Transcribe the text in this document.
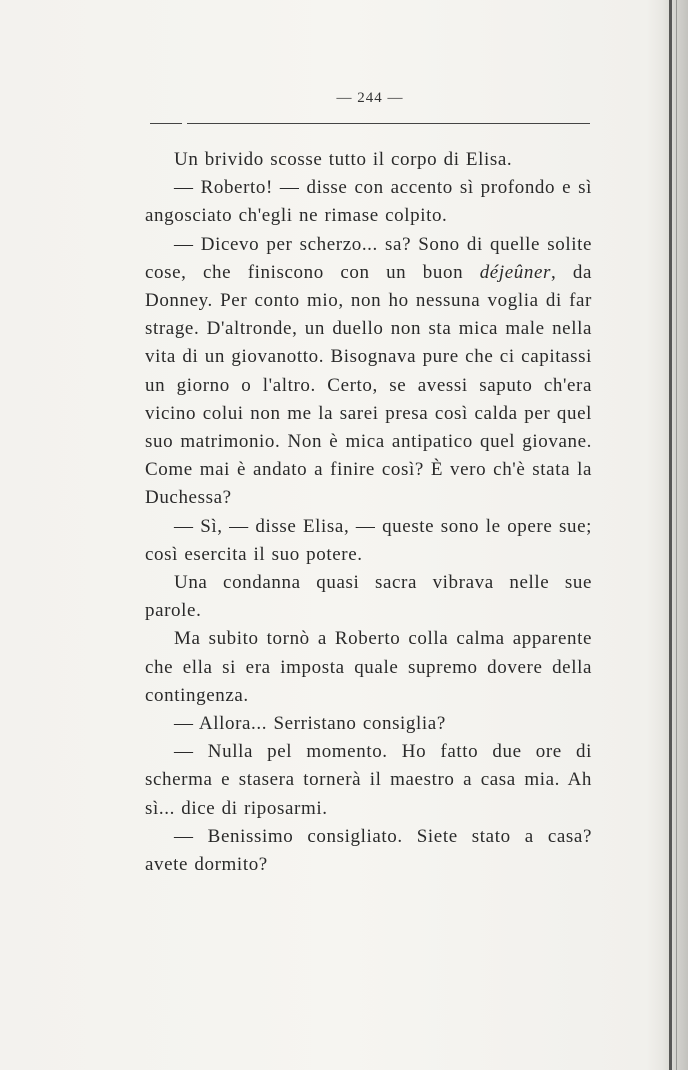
— 244 —

Un brivido scosse tutto il corpo di Elisa.

— Roberto! — disse con accento sì profondo e sì angosciato ch'egli ne rimase colpito.

— Dicevo per scherzo... sa? Sono di quelle solite cose, che finiscono con un buon déjeûner, da Donney. Per conto mio, non ho nessuna voglia di far strage. D'altronde, un duello non sta mica male nella vita di un giovanotto. Bisognava pure che ci capitassi un giorno o l'altro. Certo, se avessi saputo ch'era vicino colui non me la sarei presa così calda per quel suo matrimonio. Non è mica antipatico quel giovane. Come mai è andato a finire così? È vero ch'è stata la Duchessa?

— Sì, — disse Elisa, — queste sono le opere sue; così esercita il suo potere.

Una condanna quasi sacra vibrava nelle sue parole.

Ma subito tornò a Roberto colla calma apparente che ella si era imposta quale supremo dovere della contingenza.

— Allora... Serristano consiglia?

— Nulla pel momento. Ho fatto due ore di scherma e stasera tornerà il maestro a casa mia. Ah sì... dice di riposarmi.

— Benissimo consigliato. Siete stato a casa? avete dormito?
